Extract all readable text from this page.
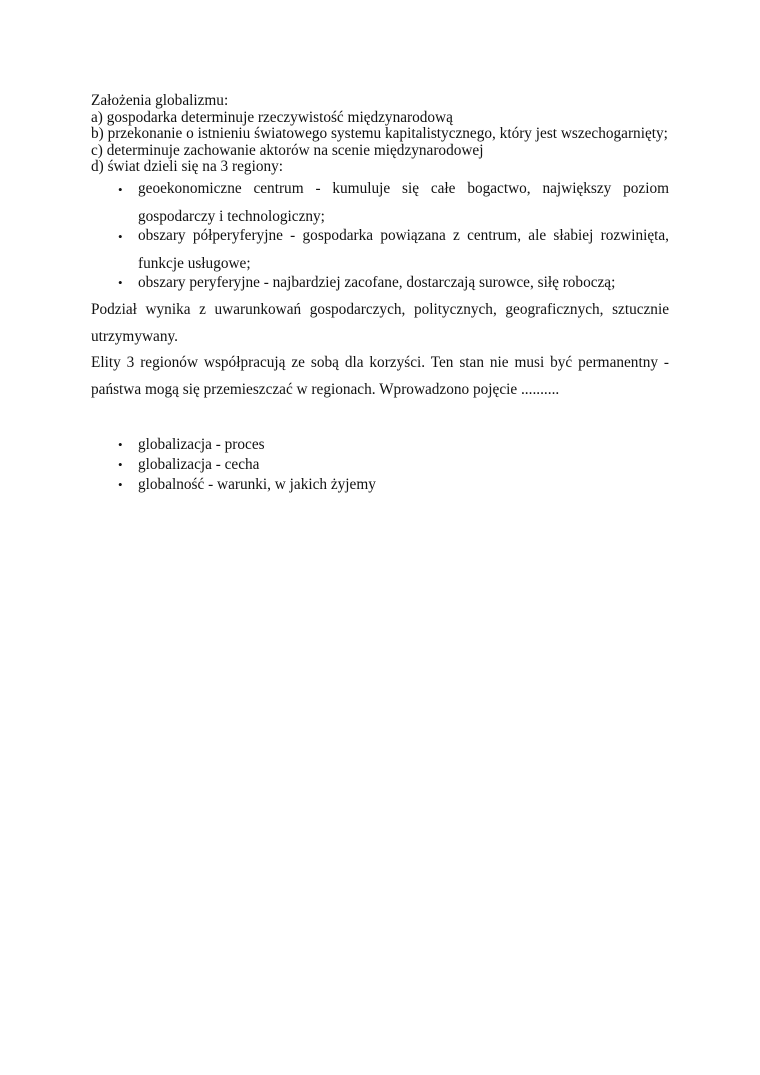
Założenia globalizmu:
a) gospodarka determinuje rzeczywistość międzynarodową
b) przekonanie o istnieniu światowego systemu kapitalistycznego, który jest wszechogarnięty;
c) determinuje zachowanie aktorów na scenie międzynarodowej
d) świat dzieli się na 3 regiony:
• geoekonomiczne centrum - kumuluje się całe bogactwo, największy poziom gospodarczy i technologiczny;
• obszary półperyferyjne - gospodarka powiązana z centrum, ale słabiej rozwinięta, funkcje usługowe;
• obszary peryferyjne - najbardziej zacofane, dostarczają surowce, siłę roboczą;
Podział wynika z uwarunkowań gospodarczych, politycznych, geograficznych, sztucznie utrzymywany.
Elity 3 regionów współpracują ze sobą dla korzyści. Ten stan nie musi być permanentny - państwa mogą się przemieszczać w regionach. Wprowadzono pojęcie ..........
• globalizacja - proces
• globalizacja - cecha
• globalność - warunki, w jakich żyjemy
